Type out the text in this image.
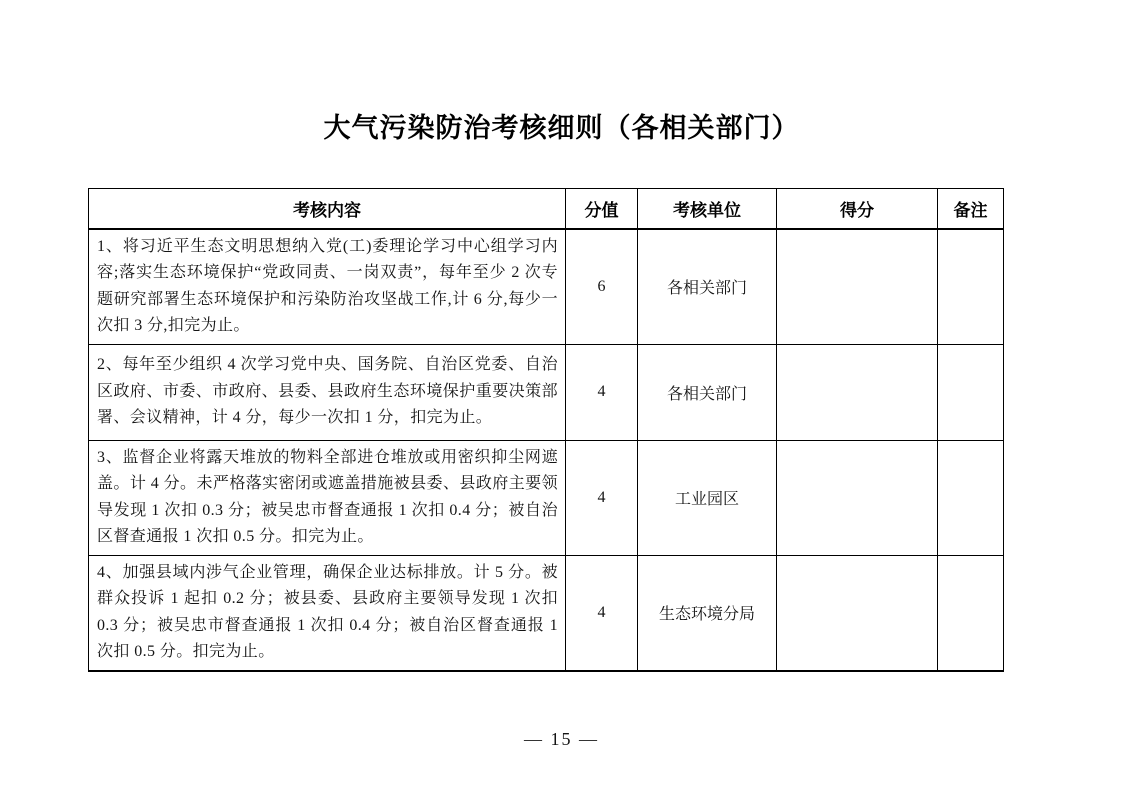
大气污染防治考核细则（各相关部门）
考核内容	分值	考核单位	得分	备注
1、将习近平生态文明思想纳入党(工)委理论学习中心组学习内容;落实生态环境保护“党政同责、一岗双责”，每年至少 2 次专题研究部署生态环境保护和污染防治攻坚战工作,计 6 分,每少一次扣 3 分,扣完为止。	6	各相关部门		
2、每年至少组织 4 次学习党中央、国务院、自治区党委、自治区政府、市委、市政府、县委、县政府生态环境保护重要决策部署、会议精神，计 4 分，每少一次扣 1 分，扣完为止。	4	各相关部门		
3、监督企业将露天堆放的物料全部进仓堆放或用密织抑尘网遮盖。计 4 分。未严格落实密闭或遮盖措施被县委、县政府主要领导发现 1 次扣 0.3 分；被吴忠市督查通报 1 次扣 0.4 分；被自治区督查通报 1 次扣 0.5 分。扣完为止。	4	工业园区		
4、加强县域内涉气企业管理，确保企业达标排放。计 5 分。被群众投诉 1 起扣 0.2 分；被县委、县政府主要领导发现 1 次扣 0.3 分；被吴忠市督查通报 1 次扣 0.4 分；被自治区督查通报 1 次扣 0.5 分。扣完为止。	4	生态环境分局		
— 15 —
